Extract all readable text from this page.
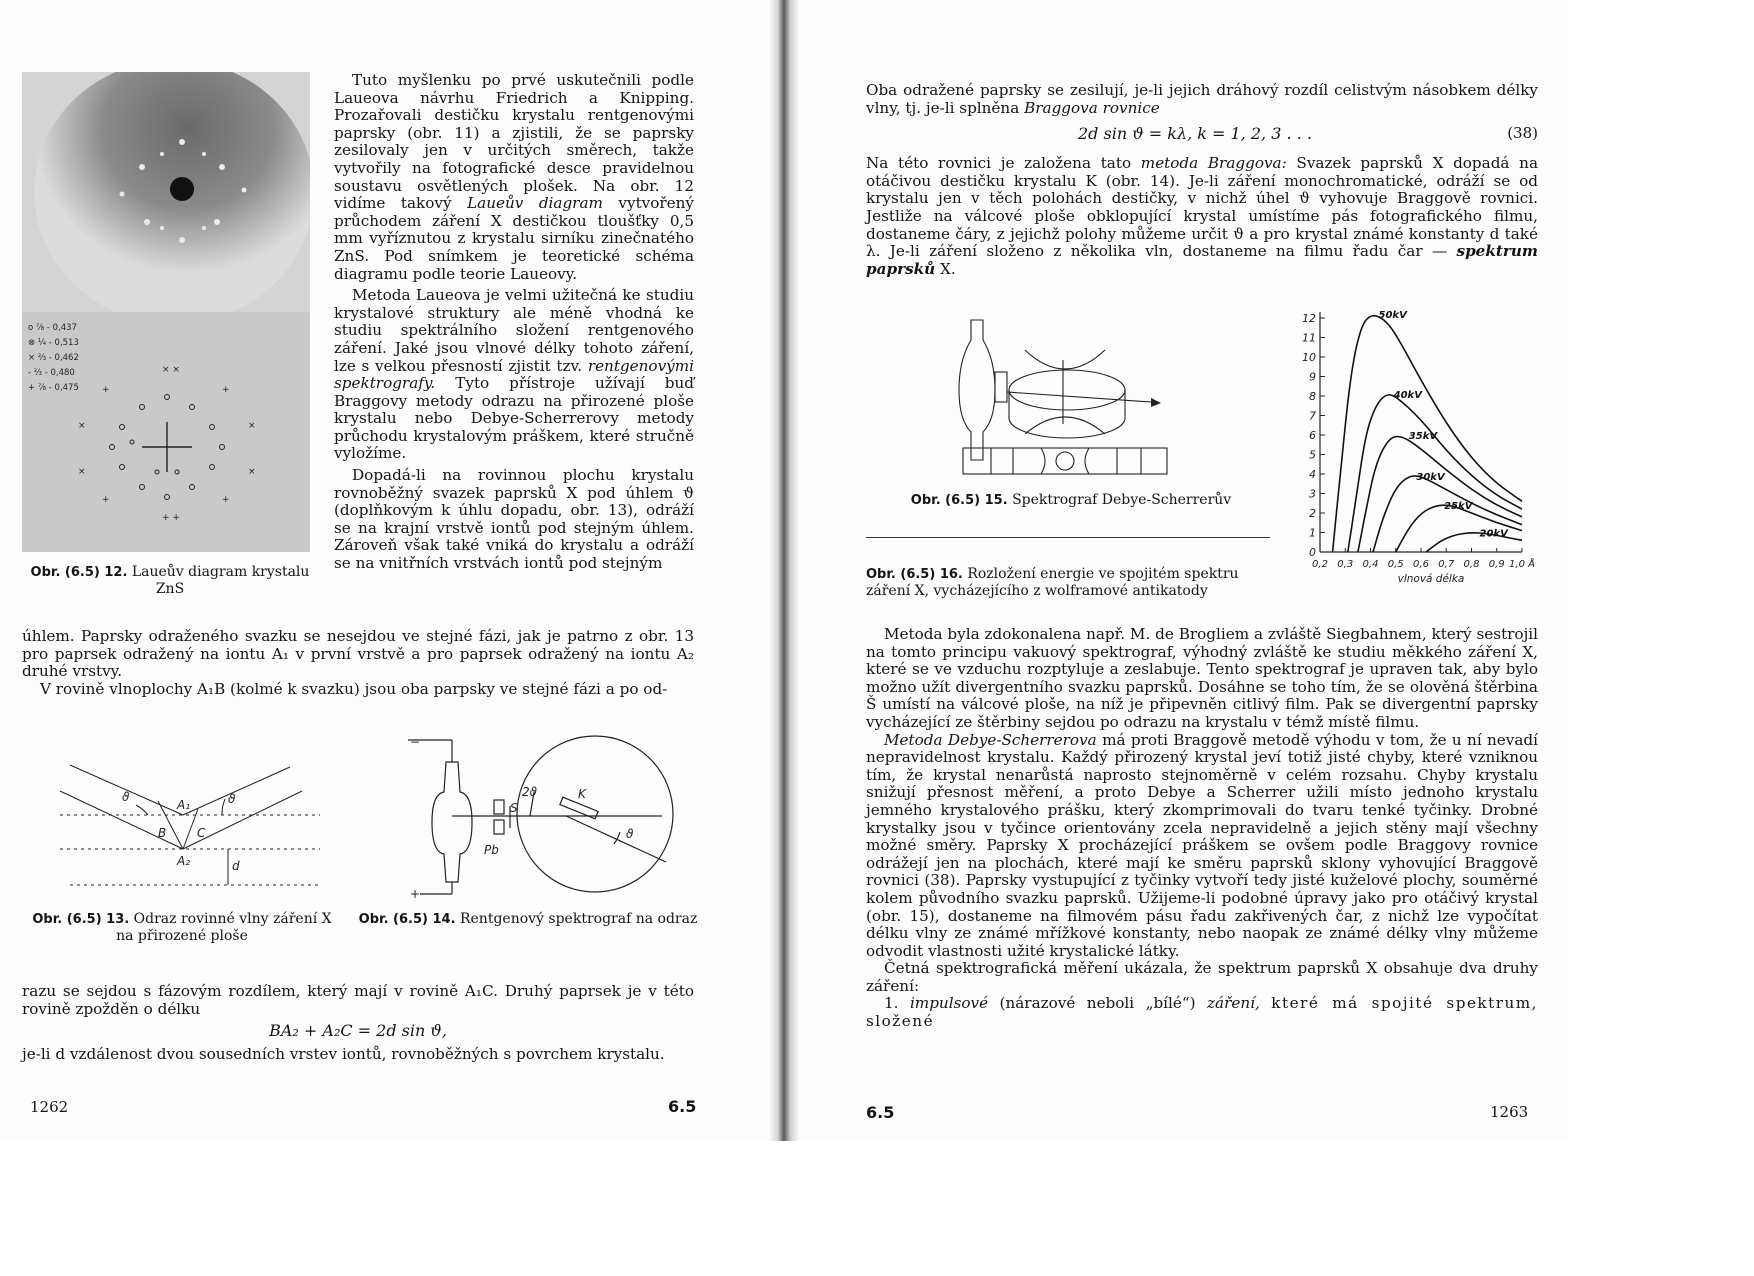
×	×
×	×
+	+
+	+
× ×
+ +
o ⅞ - 0,437
⊗ ¼ - 0,513
× ⅔ - 0,462
- ⅔ - 0,480
+ ⅞ - 0,475
Obr. (6.5) 12. Laueův diagram krystalu ZnS

Tuto myšlenku po prvé uskutečnili podle Laueova návrhu Friedrich a Knipping. Prozařovali destičku krystalu rentgenovými paprsky (obr. 11) a zjistili, že se paprsky zesilovaly jen v určitých směrech, takže vytvořily na fotografické desce pravidelnou soustavu osvětlených plošek. Na obr. 12 vidíme takový Laueův diagram vytvořený průchodem záření X destičkou tloušťky 0,5 mm vyříznutou z krystalu sirníku zinečnatého ZnS. Pod snímkem je teoretické schéma diagramu podle teorie Laueovy.

Metoda Laueova je velmi užitečná ke studiu krystalové struktury ale méně vhodná ke studiu spektrálního složení rentgenového záření. Jaké jsou vlnové délky tohoto záření, lze s velkou přesností zjistit tzv. rentgenovými spektrografy. Tyto přístroje užívají buď Braggovy metody odrazu na přirozené ploše krystalu nebo Debye-Scherrerovy metody průchodu krystalovým práškem, které stručně vyložíme.

Dopadá-li na rovinnou plochu krystalu rovnoběžný svazek paprsků X pod úhlem ϑ (doplňkovým k úhlu dopadu, obr. 13), odráží se na krajní vrstvě iontů pod stejným úhlem. Zároveň však také vniká do krystalu a odráží se na vnitřních vrstvách iontů pod stejným

úhlem. Paprsky odraženého svazku se nesejdou ve stejné fázi, jak je patrno z obr. 13 pro paprsek odražený na iontu A₁ v první vrstvě a pro paprsek odražený na iontu A₂ druhé vrstvy.

V rovině vlnoplochy A₁B (kolmé k svazku) jsou oba parpsky ve stejné fázi a po od-

ϑ	ϑ
A₁
A₂
B	C
d
−
+
Pb
K
S
ϑ
2ϑ
Obr. (6.5) 13. Odraz rovinné vlny záření X na přirozené ploše
Obr. (6.5) 14. Rentgenový spektrograf na odraz

razu se sejdou s fázovým rozdílem, který mají v rovině A₁C. Druhý paprsek je v této rovině zpožděn o délku

BA₂ + A₂C = 2d sin ϑ,

je-li d vzdálenost dvou sousedních vrstev iontů, rovnoběžných s povrchem krystalu.

1262	6.5

Oba odražené paprsky se zesilují, je-li jejich dráhový rozdíl celistvým násobkem délky vlny, tj. je-li splněna Braggova rovnice

2d sin ϑ = kλ, k = 1, 2, 3 . . .	(38)

Na této rovnici je založena tato metoda Braggova: Svazek paprsků X dopadá na otáčivou destičku krystalu K (obr. 14). Je-li záření monochromatické, odráží se od krystalu jen v těch polohách destičky, v nichž úhel ϑ vyhovuje Braggově rovnici. Jestliže na válcové ploše obklopující krystal umístíme pás fotografického filmu, dostaneme čáry, z jejichž polohy můžeme určit ϑ a pro krystal známé konstanty d také λ. Je-li záření složeno z několika vln, dostaneme na filmu řadu čar — spektrum paprsků X.

Obr. (6.5) 15. Spektrograf Debye-Scherrerův
Obr. (6.5) 16. Rozložení energie ve spojitém spektru záření X, vycházejícího z wolframové antikatody
0
1
2
3
4
5
6
7
8
9
10
11
12
0,2 0,3 0,4 0,5 0,6 0,7 0,8 0,9 1,0 Å
vlnová délka
50kV
40kV
35kV
30kV
25kV
20kV

Metoda byla zdokonalena např. M. de Brogliem a zvláště Siegbahnem, který sestrojil na tomto principu vakuový spektrograf, výhodný zvláště ke studiu měkkého záření X, které se ve vzduchu rozptyluje a zeslabuje. Tento spektrograf je upraven tak, aby bylo možno užít divergentního svazku paprsků. Dosáhne se toho tím, že se olověná štěrbina Š umístí na válcové ploše, na níž je připevněn citlivý film. Pak se divergentní paprsky vycházející ze štěrbiny sejdou po odrazu na krystalu v témž místě filmu.

Metoda Debye-Scherrerova má proti Braggově metodě výhodu v tom, že u ní nevadí nepravidelnost krystalu. Každý přirozený krystal jeví totiž jisté chyby, které vzniknou tím, že krystal nenarůstá naprosto stejnoměrně v celém rozsahu. Chyby krystalu snižují přesnost měření, a proto Debye a Scherrer užili místo jednoho krystalu jemného krystalového prášku, který zkomprimovali do tvaru tenké tyčinky. Drobné krystalky jsou v tyčince orientovány zcela nepravidelně a jejich stěny mají všechny možné směry. Paprsky X procházející práškem se ovšem podle Braggovy rovnice odrážejí jen na plochách, které mají ke směru paprsků sklony vyhovující Braggově rovnici (38). Paprsky vystupující z tyčinky vytvoří tedy jisté kuželové plochy, souměrné kolem původního svazku paprsků. Užijeme-li podobné úpravy jako pro otáčivý krystal (obr. 15), dostaneme na filmovém pásu řadu zakřivených čar, z nichž lze vypočítat délku vlny ze známé mřížkové konstanty, nebo naopak ze známé délky vlny můžeme odvodit vlastnosti užité krystalické látky.

Četná spektrografická měření ukázala, že spektrum paprsků X obsahuje dva druhy záření:

1. impulsové (nárazové neboli „bílé“) záření, které má spojité spektrum, složené

6.5	1263
